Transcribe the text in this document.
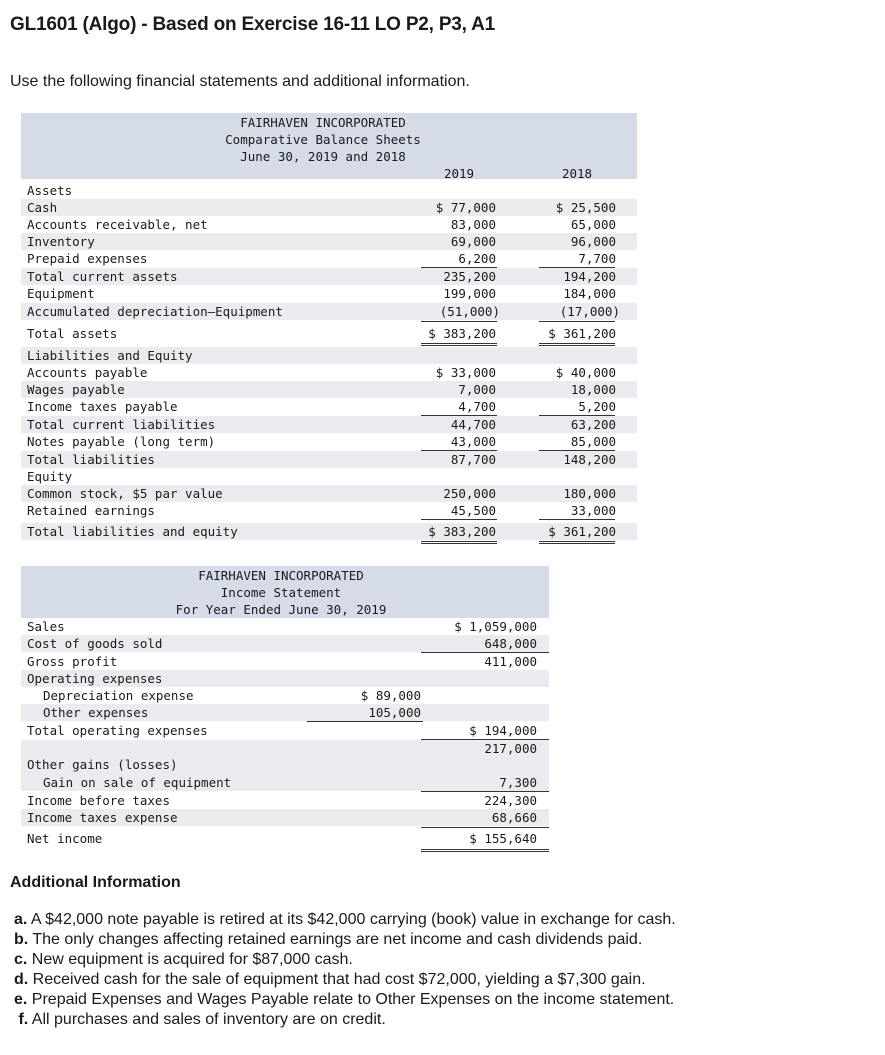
GL1601 (Algo) - Based on Exercise 16-11 LO P2, P3, A1
Use the following financial statements and additional information.
FAIRHAVEN INCORPORATED
Comparative Balance Sheets
June 30, 2019 and 2018
2019	2018
Assets
Cash	$ 77,000	$ 25,500
Accounts receivable, net	83,000	65,000
Inventory	69,000	96,000
Prepaid expenses	6,200	7,700
Total current assets	235,200	194,200
Equipment	199,000	184,000
Accumulated depreciation—Equipment	(51,000)	(17,000)
Total assets	$ 383,200	$ 361,200
Liabilities and Equity
Accounts payable	$ 33,000	$ 40,000
Wages payable	7,000	18,000
Income taxes payable	4,700	5,200
Total current liabilities	44,700	63,200
Notes payable (long term)	43,000	85,000
Total liabilities	87,700	148,200
Equity
Common stock, $5 par value	250,000	180,000
Retained earnings	45,500	33,000
Total liabilities and equity	$ 383,200	$ 361,200
FAIRHAVEN INCORPORATED
Income Statement
For Year Ended June 30, 2019
Sales	$ 1,059,000
Cost of goods sold	648,000
Gross profit	411,000
Operating expenses
Depreciation expense	$ 89,000
Other expenses	105,000
Total operating expenses	$ 194,000
217,000
Other gains (losses)
Gain on sale of equipment	7,300
Income before taxes	224,300
Income taxes expense	68,660
Net income	$ 155,640
Additional Information
a. A $42,000 note payable is retired at its $42,000 carrying (book) value in exchange for cash.
b. The only changes affecting retained earnings are net income and cash dividends paid.
c. New equipment is acquired for $87,000 cash.
d. Received cash for the sale of equipment that had cost $72,000, yielding a $7,300 gain.
e. Prepaid Expenses and Wages Payable relate to Other Expenses on the income statement.
f. All purchases and sales of inventory are on credit.
